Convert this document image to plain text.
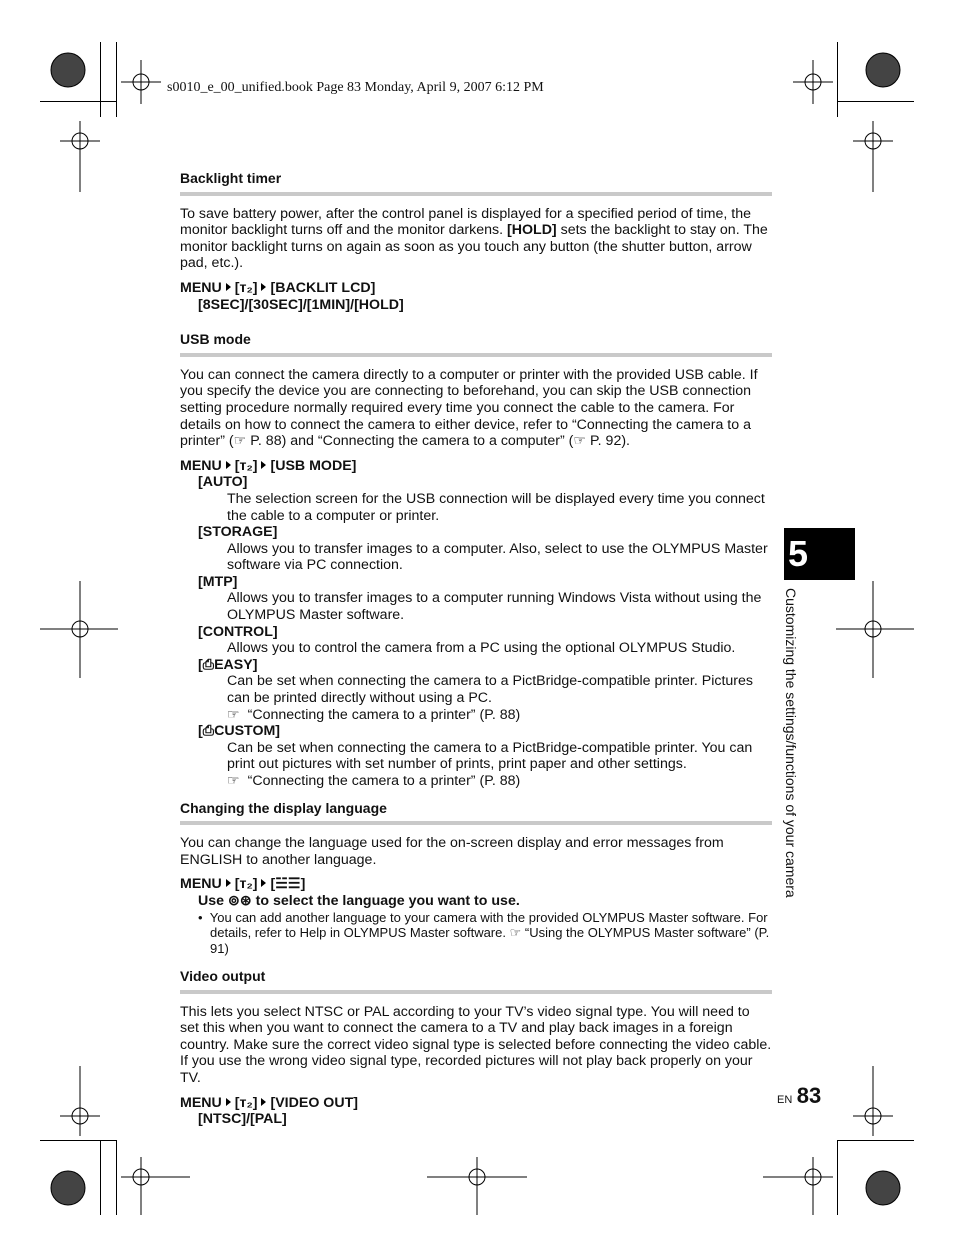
s0010_e_00_unified.book Page 83 Monday, April 9, 2007 6:12 PM
Backlight timer

To save battery power, after the control panel is displayed for a specified period of time, the monitor backlight turns off and the monitor darkens. [HOLD] sets the backlight to stay on. The monitor backlight turns on again as soon as you touch any button (the shutter button, arrow pad, etc.).

MENU [ᴛ₂] [BACKLIT LCD]
[8SEC]/[30SEC]/[1MIN]/[HOLD]
USB mode

You can connect the camera directly to a computer or printer with the provided USB cable. If you specify the device you are connecting to beforehand, you can skip the USB connection setting procedure normally required every time you connect the cable to the camera. For details on how to connect the camera to either device, refer to “Connecting the camera to a printer” (☞ P. 88) and “Connecting the camera to a computer” (☞ P. 92).

MENU [ᴛ₂] [USB MODE]
[AUTO]
The selection screen for the USB connection will be displayed every time you connect the cable to a computer or printer.
[STORAGE]
Allows you to transfer images to a computer. Also, select to use the OLYMPUS Master software via PC connection.
[MTP]
Allows you to transfer images to a computer running Windows Vista without using the OLYMPUS Master software.
[CONTROL]
Allows you to control the camera from a PC using the optional OLYMPUS Studio.
[⎙EASY]
Can be set when connecting the camera to a PictBridge-compatible printer. Pictures can be printed directly without using a PC.
☞ “Connecting the camera to a printer” (P. 88)
[⎙CUSTOM]
Can be set when connecting the camera to a PictBridge-compatible printer. You can print out pictures with set number of prints, print paper and other settings.
☞ “Connecting the camera to a printer” (P. 88)
Changing the display language

You can change the language used for the on-screen display and error messages from ENGLISH to another language.

MENU [ᴛ₂] [☱☰]
Use ⊚⊛ to select the language you want to use.
•  You can add another language to your camera with the provided OLYMPUS Master software. For details, refer to Help in OLYMPUS Master software. ☞ “Using the OLYMPUS Master software” (P. 91)
Video output

This lets you select NTSC or PAL according to your TV’s video signal type. You will need to set this when you want to connect the camera to a TV and play back images in a foreign country. Make sure the correct video signal type is selected before connecting the video cable. If you use the wrong video signal type, recorded pictures will not play back properly on your TV.

MENU [ᴛ₂] [VIDEO OUT]
[NTSC]/[PAL]
5
Customizing the settings/functions of your camera
EN 83
